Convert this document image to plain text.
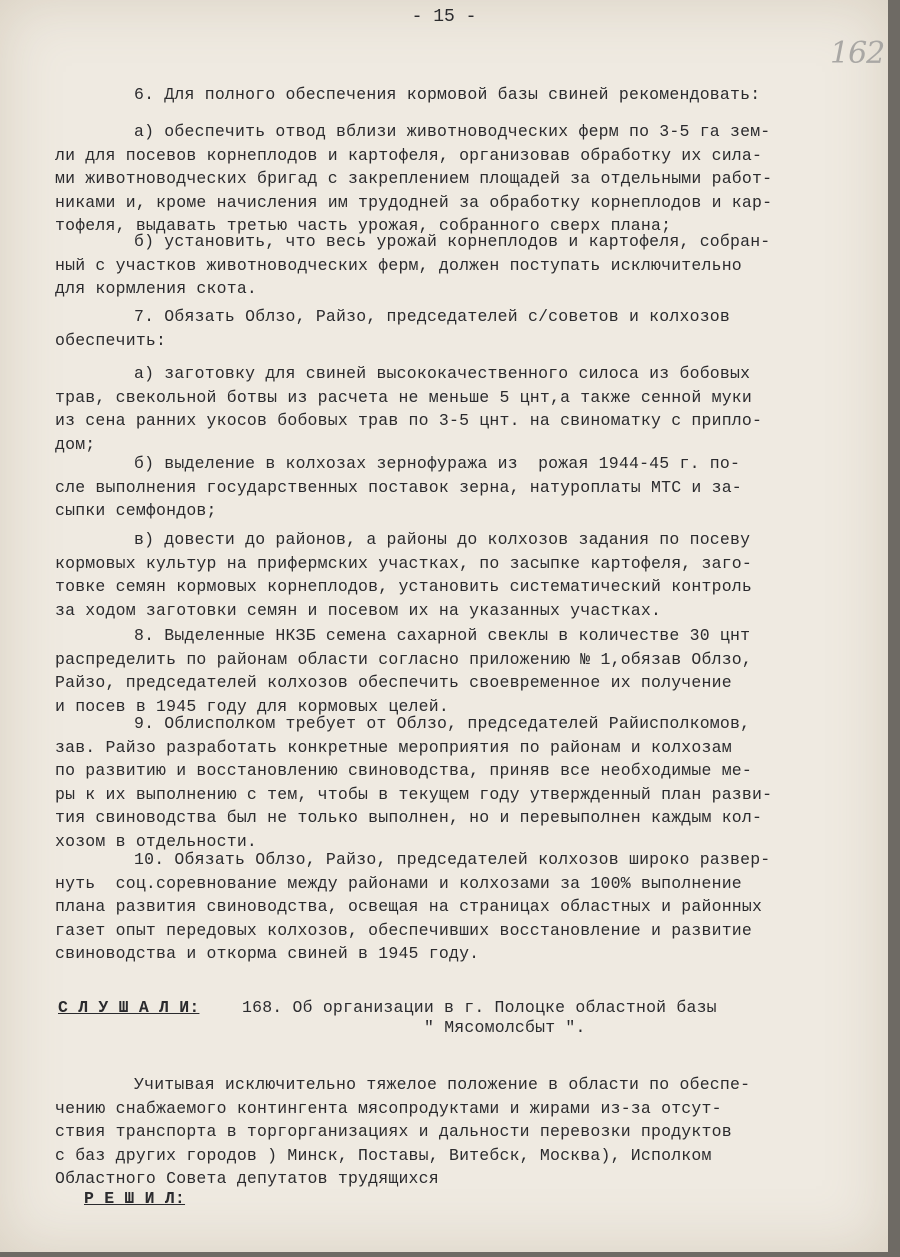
- 15 -
162
6. Для полного обеспечения кормовой базы свиней рекомендовать:
а) обеспечить отвод вблизи животноводческих ферм по 3-5 га зем-
ли для посевов корнеплодов и картофеля, организовав обработку их сила-
ми животноводческих бригад с закреплением площадей за отдельными работ-
никами и, кроме начисления им трудодней за обработку корнеплодов и кар-
тофеля, выдавать третью часть урожая, собранного сверх плана;
б) установить, что весь урожай корнеплодов и картофеля, собран-
ный с участков животноводческих ферм, должен поступать исключительно
для кормления скота.
7. Обязать Облзо, Райзо, председателей с/советов и колхозов
обеспечить:
а) заготовку для свиней высококачественного силоса из бобовых
трав, свекольной ботвы из расчета не меньше 5 цнт,а также сенной муки
из сена ранних укосов бобовых трав по 3-5 цнт. на свиноматку с припло-
дом;
б) выделение в колхозах зернофуража из  рожая 1944-45 г. по-
сле выполнения государственных поставок зерна, натуроплаты МТС и за-
сыпки семфондов;
в) довести до районов, а районы до колхозов задания по посеву
кормовых культур на прифермских участках, по засыпке картофеля, заго-
товке семян кормовых корнеплодов, установить систематический контроль
за ходом заготовки семян и посевом их на указанных участках.
8. Выделенные НКЗБ семена сахарной свеклы в количестве 30 цнт
распределить по районам области согласно приложению № 1,обязав Облзо,
Райзо, председателей колхозов обеспечить своевременное их получение
и посев в 1945 году для кормовых целей.
9. Облисполком требует от Облзо, председателей Райисполкомов,
зав. Райзо разработать конкретные мероприятия по районам и колхозам
по развитию и восстановлению свиноводства, приняв все необходимые ме-
ры к их выполнению с тем, чтобы в текущем году утвержденный план разви-
тия свиноводства был не только выполнен, но и перевыполнен каждым кол-
хозом в отдельности.
10. Обязать Облзо, Райзо, председателей колхозов широко развер-
нуть  соц.соревнование между районами и колхозами за 100% выполнение
плана развития свиноводства, освещая на страницах областных и районных
газет опыт передовых колхозов, обеспечивших восстановление и развитие
свиноводства и откорма свиней в 1945 году.
С Л У Ш А Л И:	168. Об организации в г. Полоцке областной базы
" Мясомолсбыт ".
Учитывая исключительно тяжелое положение в области по обеспе-
чению снабжаемого контингента мясопродуктами и жирами из-за отсут-
ствия транспорта в торгорганизациях и дальности перевозки продуктов
с баз других городов ) Минск, Поставы, Витебск, Москва), Исполком
Областного Совета депутатов трудящихся
Р Е Ш И Л:
